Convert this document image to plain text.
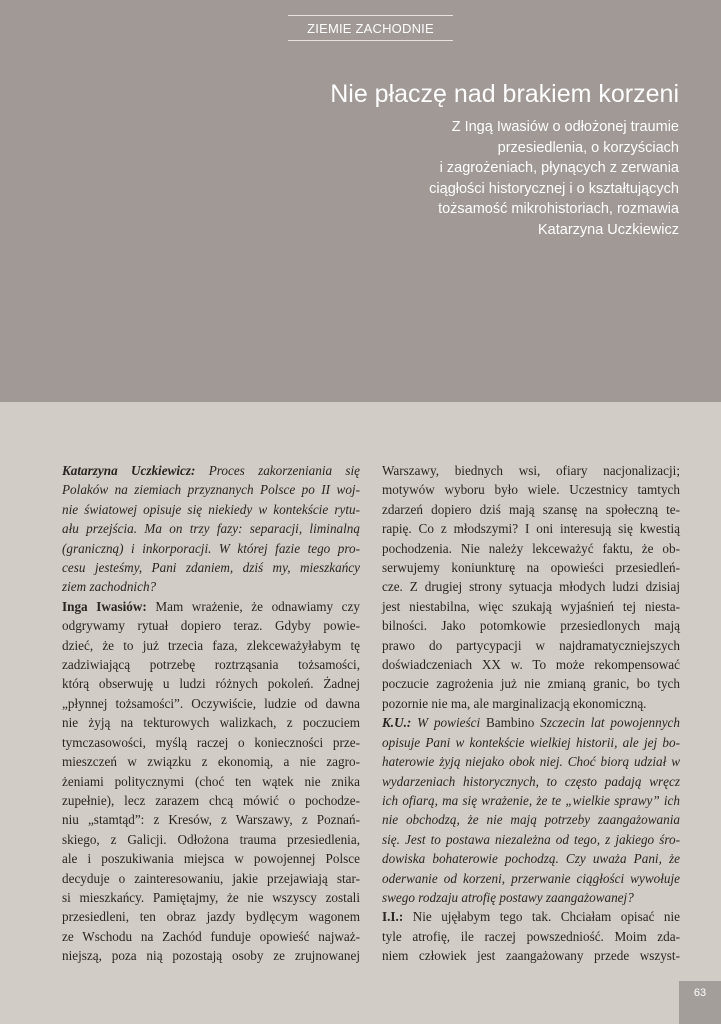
ZIEMIE ZACHODNIE
Nie płaczę nad brakiem korzeni
Z Ingą Iwasiów o odłożonej traumie
przesiedlenia, o korzyściach
i zagrożeniach, płynących z zerwania
ciągłości historycznej i o kształtujących
tożsamość mikrohistoriach, rozmawia
Katarzyna Uczkiewicz

Katarzyna Uczkiewicz: Proces zakorzeniania się

Polaków na ziemiach przyznanych Polsce po II woj-

nie światowej opisuje się niekiedy w kontekście rytu-

ału przejścia. Ma on trzy fazy: separacji, liminalną

(graniczną) i inkorporacji. W której fazie tego pro-

cesu jesteśmy, Pani zdaniem, dziś my, mieszkańcy

ziem zachodnich?

Inga Iwasiów: Mam wrażenie, że odnawiamy czy

odgrywamy rytuał dopiero teraz. Gdyby powie-

dzieć, że to już trzecia faza, zlekceważyłabym tę

zadziwiającą potrzebę roztrząsania tożsamości,

którą obserwuję u ludzi różnych pokoleń. Żadnej

„płynnej tożsamości”. Oczywiście, ludzie od dawna

nie żyją na tekturowych walizkach, z poczuciem

tymczasowości, myślą raczej o konieczności prze-

mieszczeń w związku z ekonomią, a nie zagro-

żeniami politycznymi (choć ten wątek nie znika

zupełnie), lecz zarazem chcą mówić o pochodze-

niu „stamtąd”: z Kresów, z Warszawy, z Poznań-

skiego, z Galicji. Odłożona trauma przesiedlenia,

ale i poszukiwania miejsca w powojennej Polsce

decyduje o zainteresowaniu, jakie przejawiają star-

si mieszkańcy. Pamiętajmy, że nie wszyscy zostali

przesiedleni, ten obraz jazdy bydlęcym wagonem

ze Wschodu na Zachód funduje opowieść najważ-

niejszą, poza nią pozostają osoby ze zrujnowanej

Warszawy, biednych wsi, ofiary nacjonalizacji;

motywów wyboru było wiele. Uczestnicy tamtych

zdarzeń dopiero dziś mają szansę na społeczną te-

rapię. Co z młodszymi? I oni interesują się kwestią

pochodzenia. Nie należy lekceważyć faktu, że ob-

serwujemy koniunkturę na opowieści przesiedleń-

cze. Z drugiej strony sytuacja młodych ludzi dzisiaj

jest niestabilna, więc szukają wyjaśnień tej niesta-

bilności. Jako potomkowie przesiedlonych mają

prawo do partycypacji w najdramatyczniejszych

doświadczeniach XX w. To może rekompensować

poczucie zagrożenia już nie zmianą granic, bo tych

pozornie nie ma, ale marginalizacją ekonomiczną.

K.U.: W powieści Bambino Szczecin lat powojennych

opisuje Pani w kontekście wielkiej historii, ale jej bo-

haterowie żyją niejako obok niej. Choć biorą udział w

wydarzeniach historycznych, to często padają wręcz

ich ofiarą, ma się wrażenie, że te „wielkie sprawy” ich

nie obchodzą, że nie mają potrzeby zaangażowania

się. Jest to postawa niezależna od tego, z jakiego śro-

dowiska bohaterowie pochodzą. Czy uważa Pani, że

oderwanie od korzeni, przerwanie ciągłości wywołuje

swego rodzaju atrofię postawy zaangażowanej?

I.I.: Nie ujęłabym tego tak. Chciałam opisać nie

tyle atrofię, ile raczej powszedniość. Moim zda-

niem człowiek jest zaangażowany przede wszyst-

63
